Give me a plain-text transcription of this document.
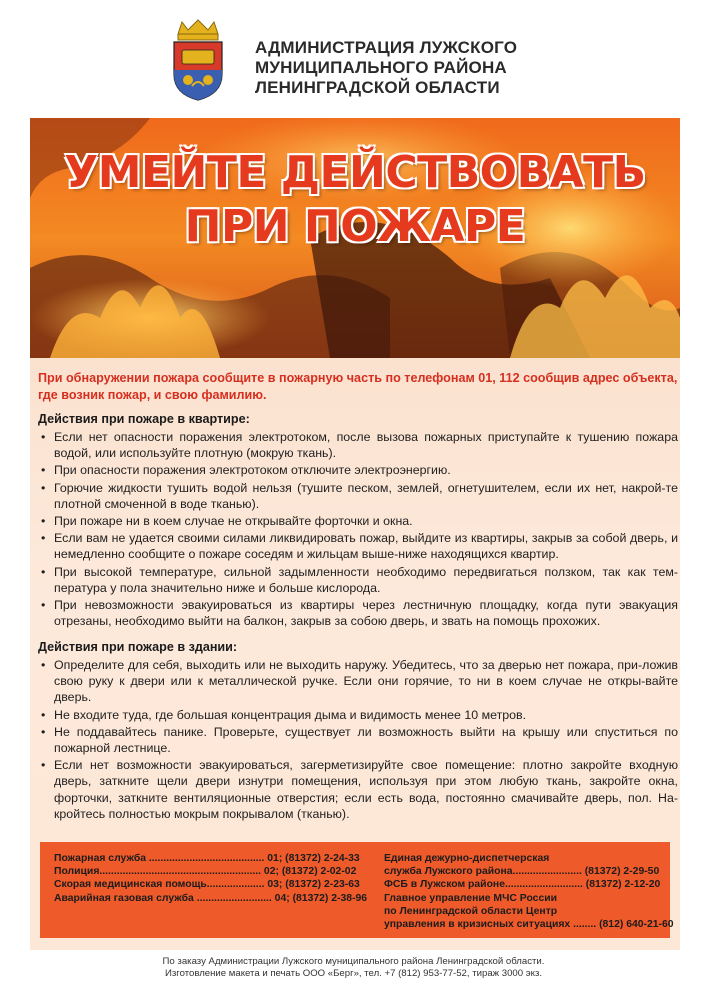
АДМИНИСТРАЦИЯ ЛУЖСКОГО
МУНИЦИПАЛЬНОГО РАЙОНА
ЛЕНИНГРАДСКОЙ ОБЛАСТИ
УМЕЙТЕ ДЕЙСТВОВАТЬ
ПРИ ПОЖАРЕ
При обнаружении пожара сообщите в пожарную часть по телефонам 01, 112 сообщив адрес объекта, где возник пожар, и свою фамилию.
Действия при пожаре в квартире:
• Если нет опасности поражения электротоком, после вызова пожарных приступайте к тушению пожара водой, или используйте плотную (мокрую ткань).
• При опасности поражения электротоком отключите электроэнергию.
• Горючие жидкости тушить водой нельзя (тушите песком, землей, огнетушителем, если их нет, накрой-те плотной смоченной в воде тканью).
• При пожаре ни в коем случае не открывайте форточки и окна.
• Если вам не удается своими силами ликвидировать пожар, выйдите из квартиры, закрыв за собой дверь, и немедленно сообщите о пожаре соседям и жильцам выше-ниже находящихся квартир.
• При высокой температуре, сильной задымленности необходимо передвигаться ползком, так как тем-пература у пола значительно ниже и больше кислорода.
• При невозможности эвакуироваться из квартиры через лестничную площадку, когда пути эвакуация отрезаны, необходимо выйти на балкон, закрыв за собою дверь, и звать на помощь прохожих.
Действия при пожаре в здании:
• Определите для себя, выходить или не выходить наружу. Убедитесь, что за дверью нет пожара, при-ложив свою руку к двери или к металлической ручке. Если они горячие, то ни в коем случае не откры-вайте дверь.
• Не входите туда, где большая концентрация дыма и видимость менее 10 метров.
• Не поддавайтесь панике. Проверьте, существует ли возможность выйти на крышу или спуститься по пожарной лестнице.
• Если нет возможности эвакуироваться, загерметизируйте свое помещение: плотно закройте входную дверь, заткните щели двери изнутри помещения, используя при этом любую ткань, закройте окна, форточки, заткните вентиляционные отверстия; если есть вода, постоянно смачивайте дверь, пол. На-кройтесь полностью мокрым покрывалом (тканью).
Пожарная служба ........................................ 01; (81372) 2-24-33
Полиция........................................................ 02; (81372) 2-02-02
Скорая медицинская помощь.................... 03; (81372) 2-23-63
Аварийная газовая служба .......................... 04; (81372) 2-38-96
Единая дежурно-диспетчерская
служба Лужского района........................ (81372) 2-29-50
ФСБ в Лужском районе........................... (81372) 2-12-20
Главное управление МЧС России
по Ленинградской области Центр
управления в кризисных ситуациях ........ (812) 640-21-60
По заказу Администрации Лужского муниципального района Ленинградской области.
Изготовление макета и печать ООО «Берг», тел. +7 (812) 953-77-52, тираж 3000 экз.
